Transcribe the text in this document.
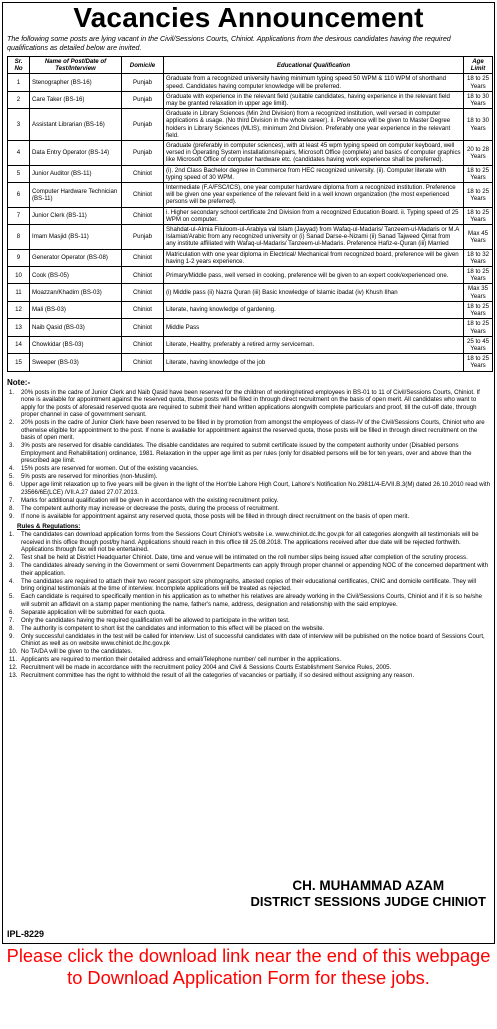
Vacancies Announcement
The following some posts are lying vacant in the Civil/Sessions Courts, Chiniot. Applications from the desirous candidates having the required qualifications as detailed below are invited.
Sr. No	Name of Post/Date of Test/Interview	Domicile	Educational Qualification	Age Limit
1	Stenographer (BS-16)	Punjab	Graduate from a recognized university having minimum typing speed 50 WPM & 110 WPM of shorthand speed. Candidates having computer knowledge will be preferred.	18 to 25 Years
2	Care Taker (BS-16)	Punjab	Graduate with experience in the relevant field (suitable candidates, having experience in the relevant field may be granted relaxation in upper age limit).	18 to 30 Years
3	Assistant Librarian (BS-16)	Punjab	Graduate in Library Sciences (Min 2nd Division) from a recognized institution, well versed in computer applications & usage. (No third Division in the whole career). ii. Preference will be given to Master Degree holders in Library Sciences (MLIS), minimum 2nd Division. Preferably one year experience in the relevant field.	18 to 30 Years
4	Data Entry Operator (BS-14)	Punjab	Graduate (preferably in computer sciences), with at least 45 wpm typing speed on computer keyboard, well versed in Operating System installations/repairs, Microsoft Office (complete) and basics of computer graphics like Microsoft Office of computer hardware etc. (candidates having work experience shall be preferred).	20 to 28 Years
5	Junior Auditor (BS-11)	Chiniot	(i). 2nd Class Bachelor degree in Commerce from HEC recognized university. (ii). Computer literate with typing speed of 30 WPM.	18 to 25 Years
6	Computer Hardware Technician (BS-11)	Chiniot	Intermediate (F.A/FSC/ICS), one year computer hardware diploma from a recognized institution. Preference will be given one year experience of the relevant field in a well known organization (the most experienced persons will be preferred).	18 to 25 Years
7	Junior Clerk (BS-11)	Chiniot	i. Higher secondary school certificate 2nd Division from a recognized Education Board. ii. Typing speed of 25 WPM on computer.	18 to 25 Years
8	Imam Masjid (BS-11)	Punjab	Shahdat-ul-Almia Filuloom-ul-Arabiya val Islam (Jayyad) from Wafaq-ul-Madaris/ Tanzeem-ul-Madaris or M.A Islamiat/Arabic from any recognized university or (i) Sanad Darse-e-Nizami (ii) Sanad Tajweed Qirrat from any institute affiliated with Wafaq-ul-Madaris/ Tanzeem-ul-Madaris. Preference Hafiz-e-Quran (iii) Married	Max 45 Years
9	Generator Operator (BS-08)	Chiniot	Matriculation with one year diploma in Electrical/ Mechanical from recognized board, preference will be given having 1-2 years experience.	18 to 32 Years
10	Cook (BS-05)	Chiniot	Primary/Middle pass, well versed in cooking, preference will be given to an expert cook/experienced one.	18 to 25 Years
11	Moazzan/Khadim (BS-03)	Chiniot	(i) Middle pass (ii) Nazra Quran (iii) Basic knowledge of Islamic ibadat (iv) Khush Ilhan	Max 35 Years
12	Mali (BS-03)	Chiniot	Literate, having knowledge of gardening.	18 to 25 Years
13	Naib Qasid (BS-03)	Chiniot	Middle Pass	18 to 25 Years
14	Chowkidar (BS-03)	Chiniot	Literate, Healthy, preferably a retired army serviceman.	25 to 45 Years
15	Sweeper (BS-03)	Chiniot	Literate, having knowledge of the job	18 to 25 Years
Note:-
1. 20% posts in the cadre of Junior Clerk and Naib Qasid have been reserved for the children of working/retired employees in BS-01 to 11 of Civil/Sessions Courts, Chiniot. If none is available for appointment against the reserved quota, those posts will be filled in through direct recruitment on the basis of open merit. All candidates who want to apply for the posts of aforesaid reserved quota are required to submit their hand written applications alongwith complete particulars and proof, till the cut-off date, through proper channel in case of government servant.
2. 20% posts in the cadre of Junior Clerk have been reserved to be filled in by promotion from amongst the employees of class-IV of the Civil/Sessions Courts, Chiniot who are otherwise eligible for appointment to the post. If none is available for appointment against the reserved quota, those posts will be filled in through direct recruitment on the basis of open merit.
3. 3% posts are reserved for disable candidates. The disable candidates are required to submit certificate issued by the competent authority under (Disabled persons Employment and Rehabilitation) ordinance, 1981. Relaxation in the upper age limit as per rules (only for disabled persons will be for ten years, over and above than the prescribed age limit.
4. 15% posts are reserved for women. Out of the existing vacancies.
5. 5% posts are reserved for minorities (non-Muslim).
6. Upper age limit relaxation up to five years will be given in the light of the Hon'ble Lahore High Court, Lahore's Notification No.29811/4-E/VII.B.3(M) dated 26.10.2010 read with 23566/6E(LCE) /VII.A.27 dated 27.07.2013.
7. Marks for additional qualification will be given in accordance with the existing recruitment policy.
8. The competent authority may increase or decrease the posts, during the process of recruitment.
9. If none is available for appointment against any reserved quota, those posts will be filled in through direct recruitment on the basis of open merit.
Rules & Regulations:
1. The candidates can download application forms from the Sessions Court Chiniot's website i.e. www.chiniot.dc.lhc.gov.pk for all categories alongwith all testimonials will be received in this office though post/by hand. Applications should reach in this office till 25.08.2018. The applications received after due date will be rejected forthwith. Applications through fax will not be entertained.
2. Test shall be held at District Headquarter Chiniot. Date, time and venue will be intimated on the roll number slips being issued after completion of the scrutiny process.
3. The candidates already serving in the Government or semi Government Departments can apply through proper channel or appending NOC of the concerned department with their application.
4. The candidates are required to attach their two recent passport size photographs, attested copies of their educational certificates, CNIC and domicile certificate. They will bring original testimonials at the time of interview. Incomplete applications will be treated as rejected.
5. Each candidate is required to specifically mention in his application as to whether his relatives are already working in the Civil/Sessions Courts, Chiniot and if it is so he/she will submit an affidavit on a stamp paper mentioning the name, father's name, address, designation and relationship with the said employee.
6. Separate application will be submitted for each quota.
7. Only the candidates having the required qualification will be allowed to participate in the written test.
8. The authority is competent to short list the candidates and information to this effect will be placed on the website.
9. Only successful candidates in the test will be called for interview. List of successful candidates with date of interview will be published on the notice board of Sessions Court, Chiniot as well as on website www.chiniot.dc.lhc.gov.pk
10. No TA/DA will be given to the candidates.
11. Applicants are required to mention their detailed address and email/Telephone number/ cell number in the applications.
12. Recruitment will be made in accordance with the recruitment policy 2004 and Civil & Sessions Courts Establishment Service Rules, 2005.
13. Recruitment committee has the right to withhold the result of all the categories of vacancies or partially, if so desired without assigning any reason.
CH. MUHAMMAD AZAM
DISTRICT SESSIONS JUDGE CHINIOT
IPL-8229
Please click the download link near the end of this webpage to Download Application Form for these jobs.
